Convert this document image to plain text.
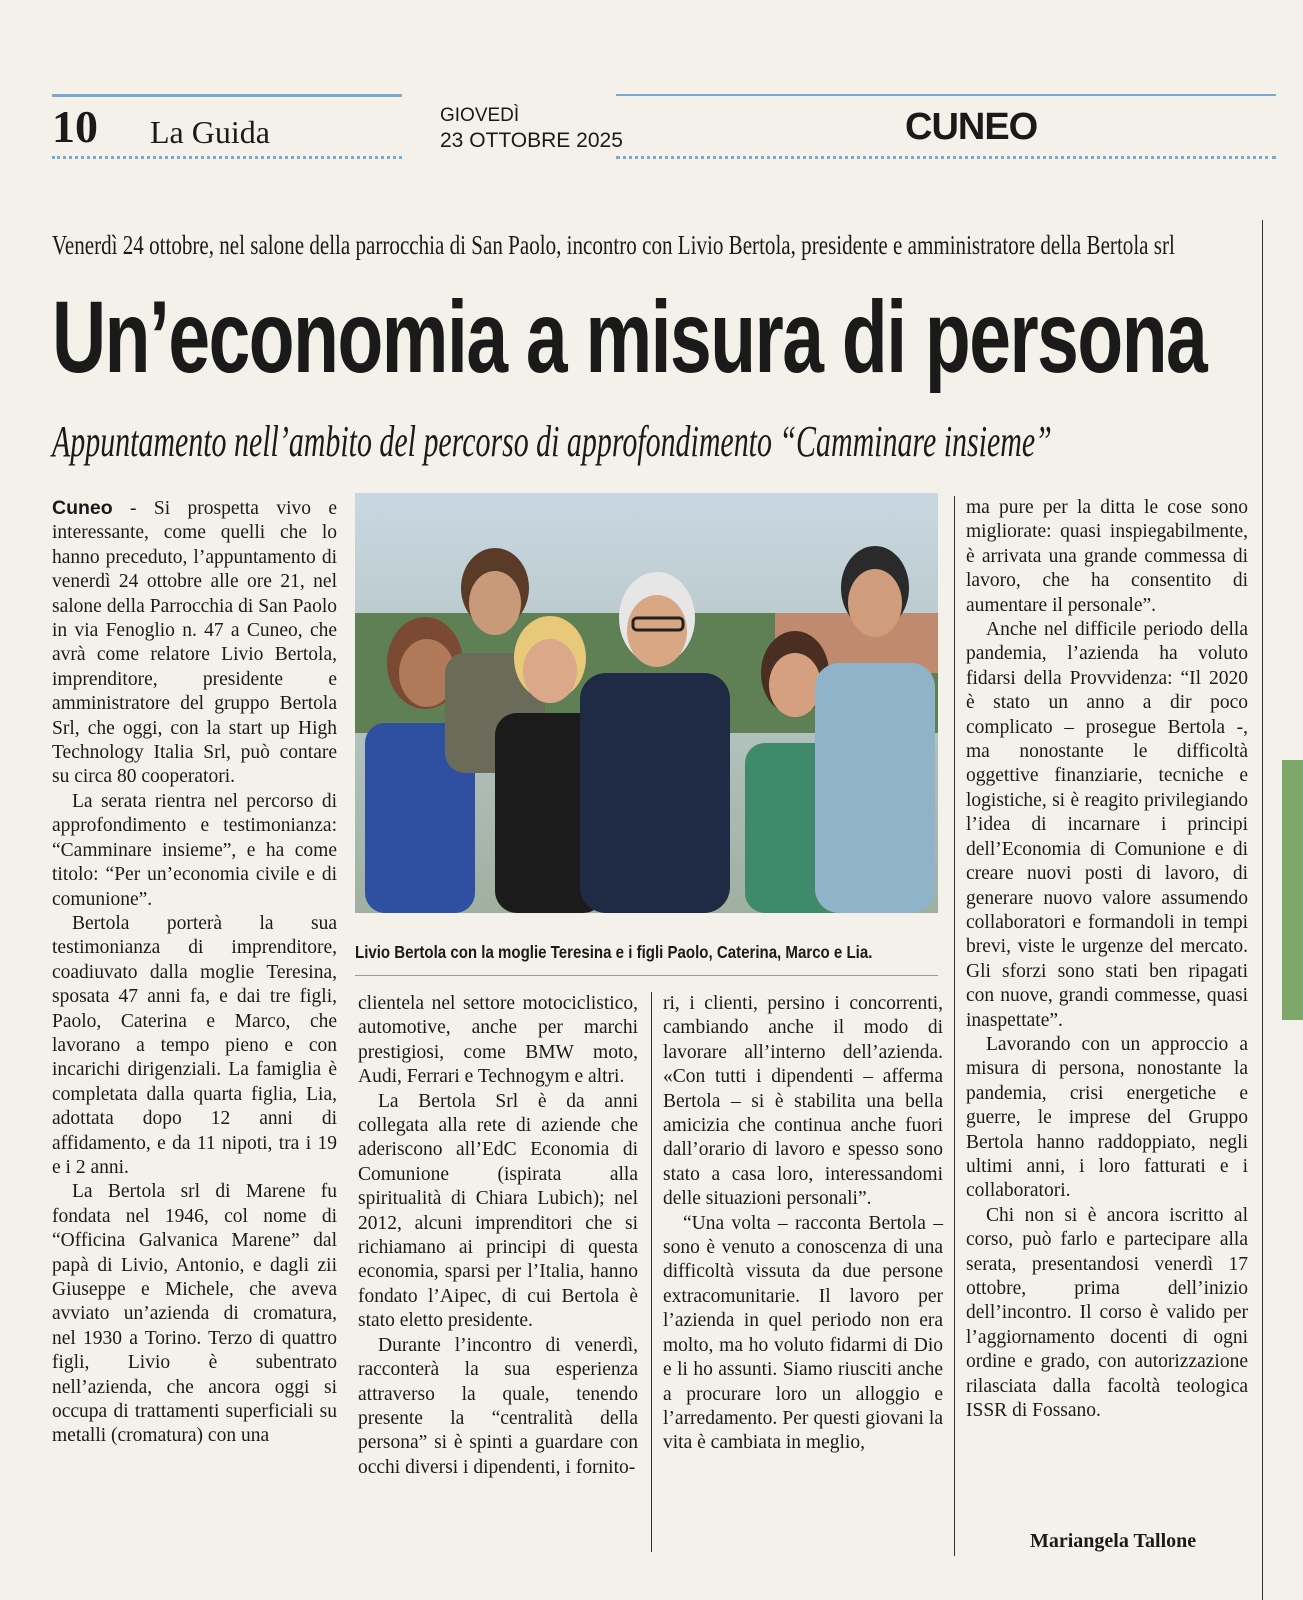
10 La Guida	GIOVEDÌ
23 OTTOBRE 2025	CUNEO
Venerdì 24 ottobre, nel salone della parrocchia di San Paolo, incontro con Livio Bertola, presidente e amministratore della Bertola srl
Un’economia a misura di persona
Appuntamento nell’ambito del percorso di approfondimento “Camminare insieme”

Cuneo - Si prospetta vivo e interessante, come quelli che lo hanno preceduto, l’appuntamento di venerdì 24 ottobre alle ore 21, nel salone della Parrocchia di San Paolo in via Fenoglio n. 47 a Cuneo, che avrà come relatore Livio Bertola, imprenditore, presidente e amministratore del gruppo Bertola Srl, che oggi, con la start up High Technology Italia Srl, può contare su circa 80 cooperatori.

La serata rientra nel percorso di approfondimento e testimonianza: “Camminare insieme”, e ha come titolo: “Per un’economia civile e di comunione”.

Bertola porterà la sua testimonianza di imprenditore, coadiuvato dalla moglie Teresina, sposata 47 anni fa, e dai tre figli, Paolo, Caterina e Marco, che lavorano a tempo pieno e con incarichi dirigenziali. La famiglia è completata dalla quarta figlia, Lia, adottata dopo 12 anni di affidamento, e da 11 nipoti, tra i 19 e i 2 anni.

La Bertola srl di Marene fu fondata nel 1946, col nome di “Officina Galvanica Marene” dal papà di Livio, Antonio, e dagli zii Giuseppe e Michele, che aveva avviato un’azienda di cromatura, nel 1930 a Torino. Terzo di quattro figli, Livio è subentrato nell’azienda, che ancora oggi si occupa di trattamenti superficiali su metalli (cromatura) con una

Livio Bertola con la moglie Teresina e i figli Paolo, Caterina, Marco e Lia.

clientela nel settore motociclistico, automotive, anche per marchi prestigiosi, come BMW moto, Audi, Ferrari e Technogym e altri.

La Bertola Srl è da anni collegata alla rete di aziende che aderiscono all’EdC Economia di Comunione (ispirata alla spiritualità di Chiara Lubich); nel 2012, alcuni imprenditori che si richiamano ai principi di questa economia, sparsi per l’Italia, hanno fondato l’Aipec, di cui Bertola è stato eletto presidente.

Durante l’incontro di venerdì, racconterà la sua esperienza attraverso la quale, tenendo presente la “centralità della persona” si è spinti a guardare con occhi diversi i dipendenti, i fornito-

ri, i clienti, persino i concorrenti, cambiando anche il modo di lavorare all’interno dell’azienda. «Con tutti i dipendenti – afferma Bertola – si è stabilita una bella amicizia che continua anche fuori dall’orario di lavoro e spesso sono stato a casa loro, interessandomi delle situazioni personali”.

“Una volta – racconta Bertola – sono è venuto a conoscenza di una difficoltà vissuta da due persone extracomunitarie. Il lavoro per l’azienda in quel periodo non era molto, ma ho voluto fidarmi di Dio e li ho assunti. Siamo riusciti anche a procurare loro un alloggio e l’arredamento. Per questi giovani la vita è cambiata in meglio,

ma pure per la ditta le cose sono migliorate: quasi inspiegabilmente, è arrivata una grande commessa di lavoro, che ha consentito di aumentare il personale”.

Anche nel difficile periodo della pandemia, l’azienda ha voluto fidarsi della Provvidenza: “Il 2020 è stato un anno a dir poco complicato – prosegue Bertola -, ma nonostante le difficoltà oggettive finanziarie, tecniche e logistiche, si è reagito privilegiando l’idea di incarnare i principi dell’Economia di Comunione e di creare nuovi posti di lavoro, di generare nuovo valore assumendo collaboratori e formandoli in tempi brevi, viste le urgenze del mercato. Gli sforzi sono stati ben ripagati con nuove, grandi commesse, quasi inaspettate”.

Lavorando con un approccio a misura di persona, nonostante la pandemia, crisi energetiche e guerre, le imprese del Gruppo Bertola hanno raddoppiato, negli ultimi anni, i loro fatturati e i collaboratori.

Chi non si è ancora iscritto al corso, può farlo e partecipare alla serata, presentandosi venerdì 17 ottobre, prima dell’inizio dell’incontro. Il corso è valido per l’aggiornamento docenti di ogni ordine e grado, con autorizzazione rilasciata dalla facoltà teologica ISSR di Fossano.

Mariangela Tallone
